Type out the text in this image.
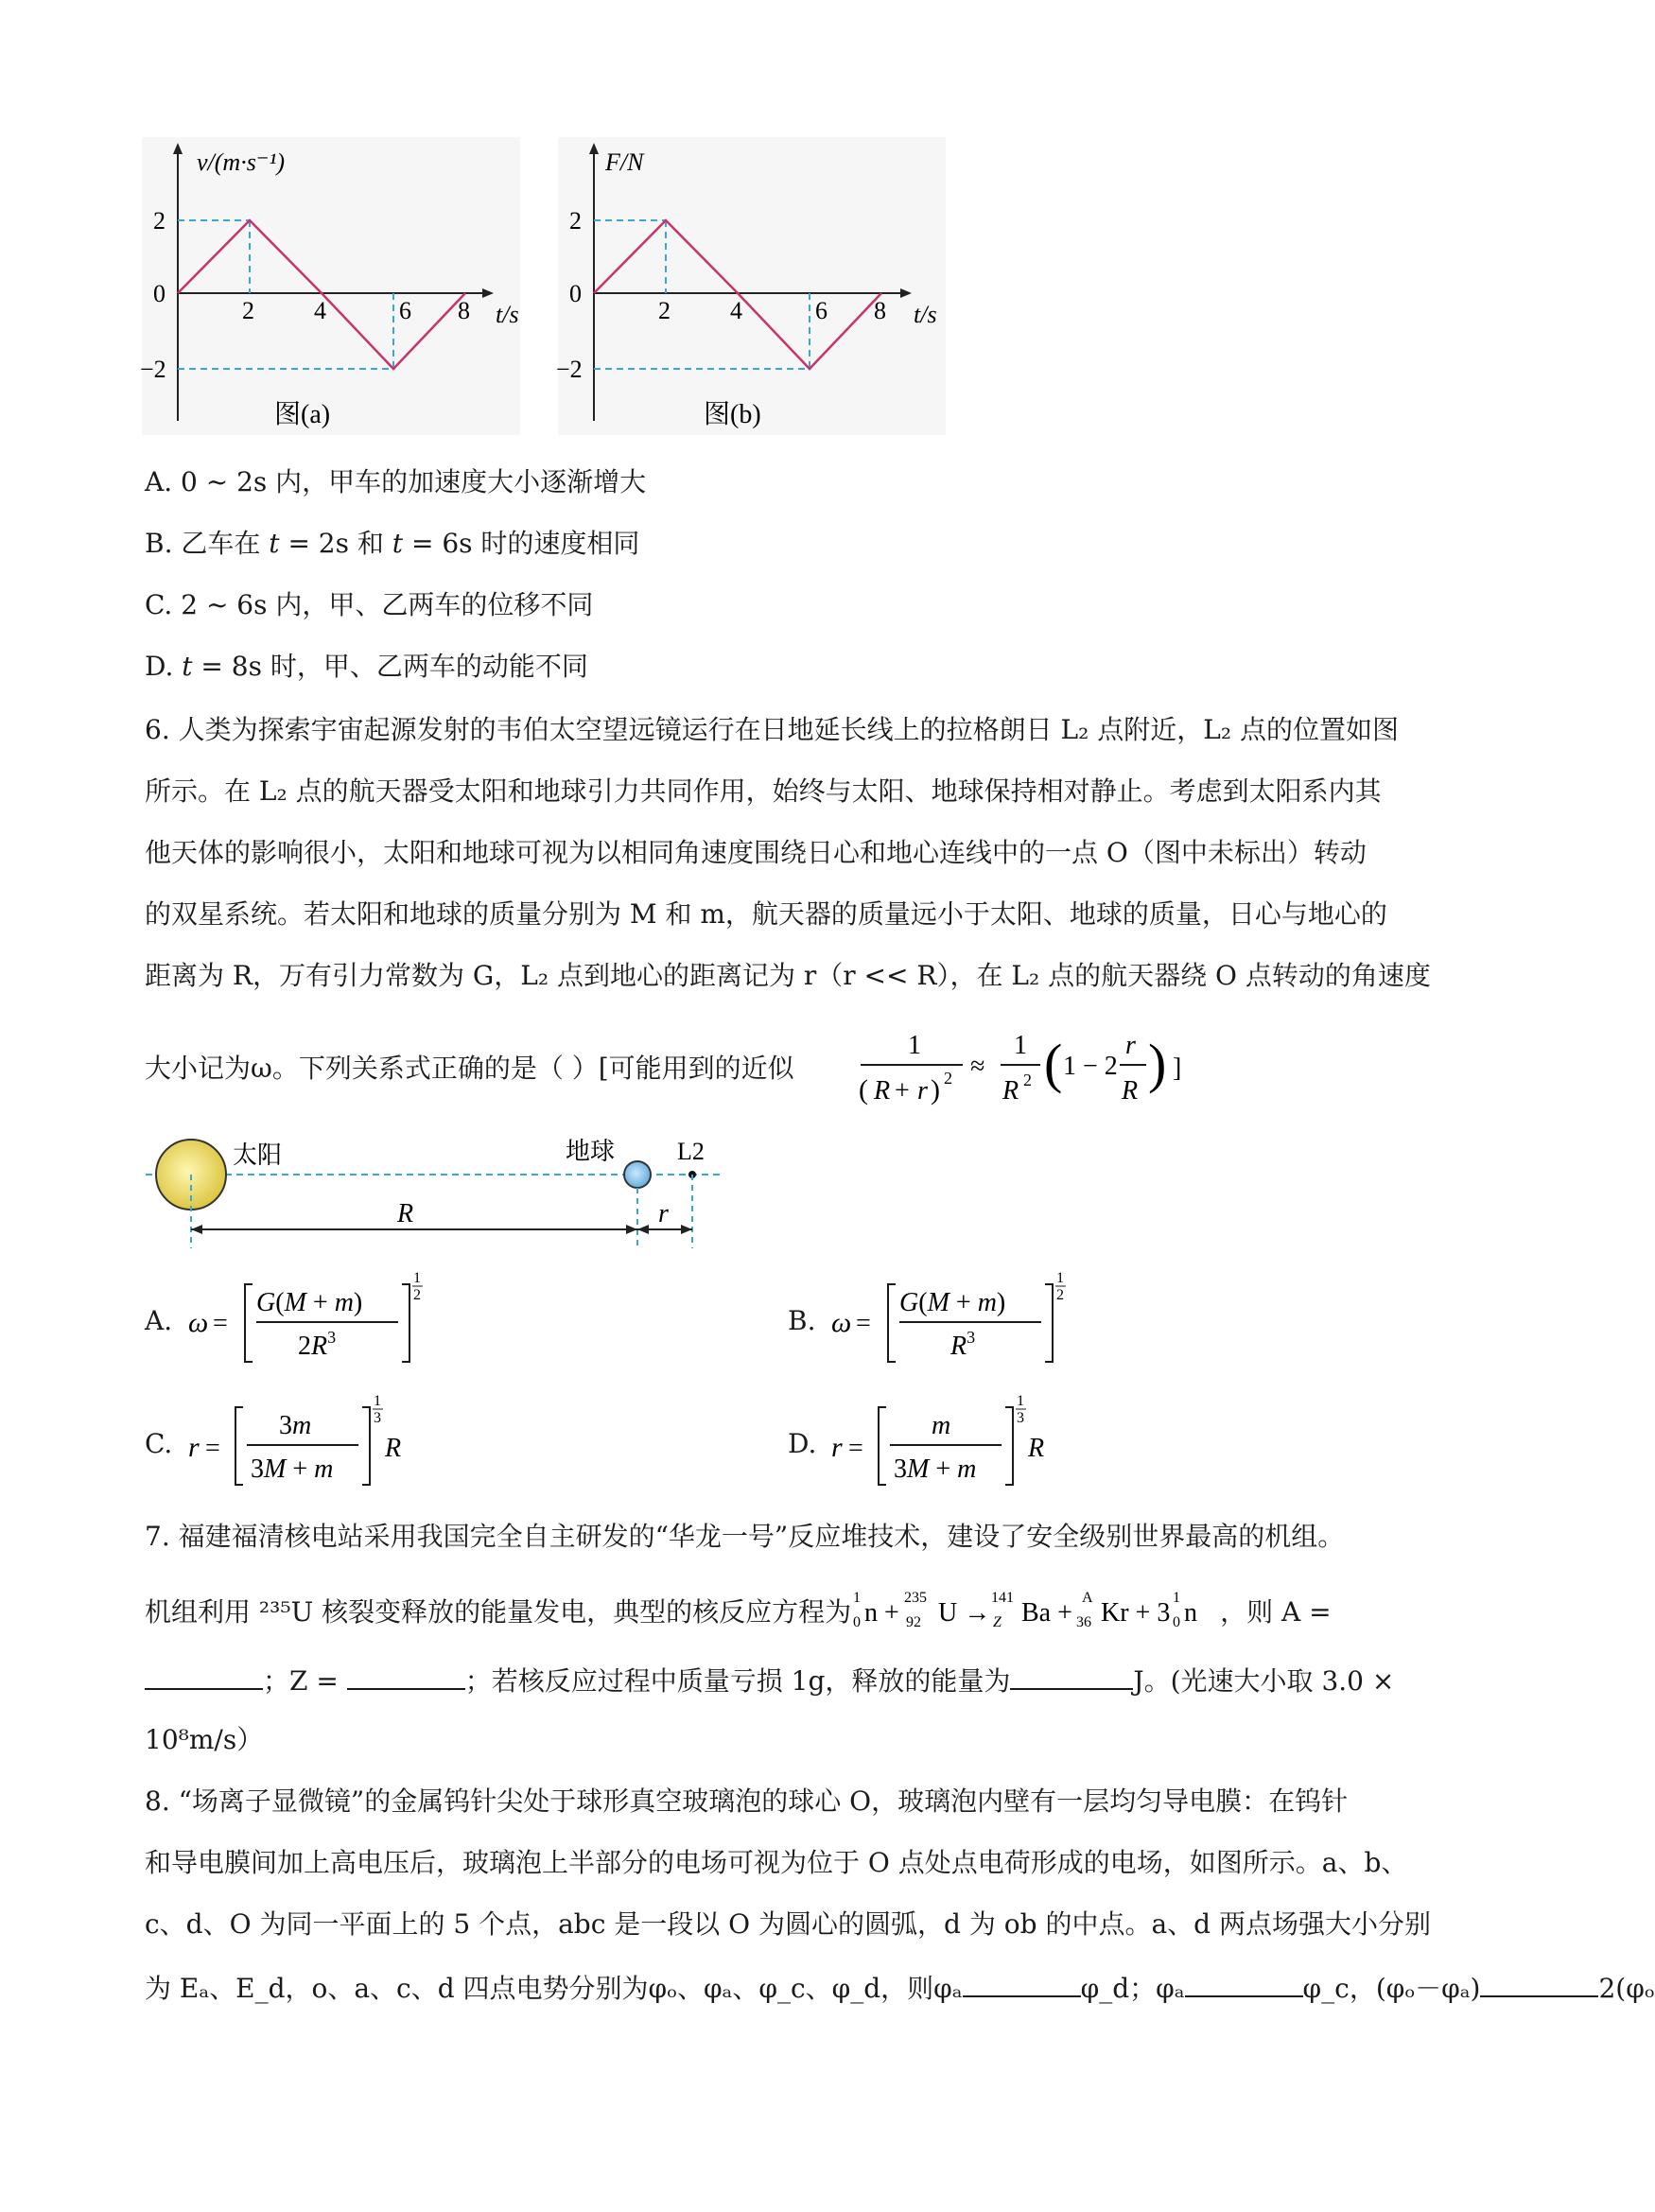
v/(m·s⁻¹)
2
0
−2
2 4	6 8 t/s
图(a)
F/N
2
0
−2
2 4	6 8 t/s
图(b)
A. 0 ~ 2s 内，甲车的加速度大小逐渐增大
B. 乙车在 t = 2s 和 t = 6s 时的速度相同
C. 2 ~ 6s 内，甲、乙两车的位移不同
D. t = 8s 时，甲、乙两车的动能不同
6. 人类为探索宇宙起源发射的韦伯太空望远镜运行在日地延长线上的拉格朗日 L₂ 点附近，L₂ 点的位置如图
所示。在 L₂ 点的航天器受太阳和地球引力共同作用，始终与太阳、地球保持相对静止。考虑到太阳系内其
他天体的影响很小，太阳和地球可视为以相同角速度围绕日心和地心连线中的一点 O（图中未标出）转动
的双星系统。若太阳和地球的质量分别为 M 和 m，航天器的质量远小于太阳、地球的质量，日心与地心的
距离为 R，万有引力常数为 G，L₂ 点到地心的距离记为 r（r << R），在 L₂ 点的航天器绕 O 点转动的角速度
大小记为ω。下列关系式正确的是（ ）[可能用到的近似
1
( R + r ) 2 ≈
1
R 2 ( 1 − 2
r
R ) ]
太阳	地球	L2
R	r
A. ω =
G(M + m)
$2R^3$
1
2
B. ω =
G(M + m)
$R^3$
1
2
C. r =
3m
3M + m
1
3
R	D. r =
m
3M + m
1
3
R
7. 福建福清核电站采用我国完全自主研发的“华龙一号”反应堆技术，建设了安全级别世界最高的机组。
机组利用 ²³⁵U 核裂变释放的能量发电，典型的核反应方程为 1
0 n +
235
92 U →
141
Z Ba +
A
36 Kr + 3
1
0 n ，则 A =
；Z =	；若核反应过程中质量亏损 1g，释放的能量为	J。(光速大小取 3.0 ×
10⁸m/s）
8. “场离子显微镜”的金属钨针尖处于球形真空玻璃泡的球心 O，玻璃泡内壁有一层均匀导电膜：在钨针
和导电膜间加上高电压后，玻璃泡上半部分的电场可视为位于 O 点处点电荷形成的电场，如图所示。a、b、
c、d、O 为同一平面上的 5 个点，abc 是一段以 O 为圆心的圆弧，d 为 ob 的中点。a、d 两点场强大小分别
为 Eₐ、E_d，o、a、c、d 四点电势分别为φₒ、φₐ、φ_c、φ_d，则φₐ	φ_d；φₐ	φ_c，(φₒ－φₐ)	2(φₒ
